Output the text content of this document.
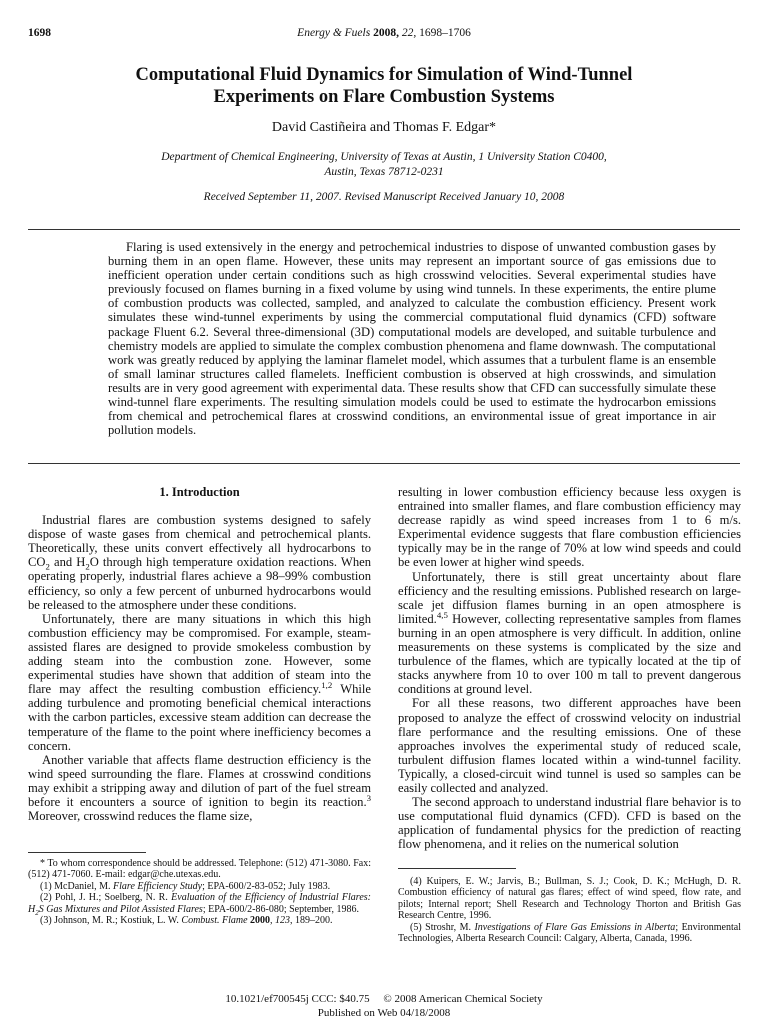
1698	Energy & Fuels 2008, 22, 1698–1706
Computational Fluid Dynamics for Simulation of Wind-Tunnel
Experiments on Flare Combustion Systems
David Castiñeira and Thomas F. Edgar*
Department of Chemical Engineering, University of Texas at Austin, 1 University Station C0400,
Austin, Texas 78712-0231
Received September 11, 2007. Revised Manuscript Received January 10, 2008

Flaring is used extensively in the energy and petrochemical industries to dispose of unwanted combustion gases by burning them in an open flame. However, these units may represent an important source of gas emissions due to inefficient operation under certain conditions such as high crosswind velocities. Several experimental studies have previously focused on flames burning in a fixed volume by using wind tunnels. In these experiments, the entire plume of combustion products was collected, sampled, and analyzed to calculate the combustion efficiency. Present work simulates these wind-tunnel experiments by using the commercial computational fluid dynamics (CFD) software package Fluent 6.2. Several three-dimensional (3D) computational models are developed, and suitable turbulence and chemistry models are applied to simulate the complex combustion phenomena and flame downwash. The computational work was greatly reduced by applying the laminar flamelet model, which assumes that a turbulent flame is an ensemble of small laminar structures called flamelets. Inefficient combustion is observed at high crosswinds, and simulation results are in very good agreement with experimental data. These results show that CFD can successfully simulate these wind-tunnel flare experiments. The resulting simulation models could be used to estimate the hydrocarbon emissions from chemical and petrochemical flares at crosswind conditions, an environmental issue of great importance in air pollution models.

1. Introduction

Industrial flares are combustion systems designed to safely dispose of waste gases from chemical and petrochemical plants. Theoretically, these units convert effectively all hydrocarbons to $CO_2$ and $H_2O$ through high temperature oxidation reactions. When operating properly, industrial flares achieve a 98–99% combustion efficiency, so only a few percent of unburned hydrocarbons would be released to the atmosphere under these conditions.

Unfortunately, there are many situations in which this high combustion efficiency may be compromised. For example, steam-assisted flares are designed to provide smokeless combustion by adding steam into the combustion zone. However, some experimental studies have shown that addition of steam into the flare may affect the resulting combustion efficiency.$^{1,2}$ While adding turbulence and promoting beneficial chemical interactions with the carbon particles, excessive steam addition can decrease the temperature of the flame to the point where inefficiency becomes a concern.

Another variable that affects flame destruction efficiency is the wind speed surrounding the flare. Flames at crosswind conditions may exhibit a stripping away and dilution of part of the fuel stream before it encounters a source of ignition to begin its reaction.$^3$ Moreover, crosswind reduces the flame size,

* To whom correspondence should be addressed. Telephone: (512) 471-3080. Fax: (512) 471-7060. E-mail: edgar@che.utexas.edu.

(1) McDaniel, M. Flare Efficiency Study; EPA-600/2-83-052; July 1983.

(2) Pohl, J. H.; Soelberg, N. R. Evaluation of the Efficiency of Industrial Flares: $H_2S$ Gas Mixtures and Pilot Assisted Flares; EPA-600/2-86-080; September, 1986.

(3) Johnson, M. R.; Kostiuk, L. W. Combust. Flame 2000, 123, 189–200.

resulting in lower combustion efficiency because less oxygen is entrained into smaller flames, and flare combustion efficiency may decrease rapidly as wind speed increases from 1 to 6 m/s. Experimental evidence suggests that flare combustion efficiencies typically may be in the range of 70% at low wind speeds and could be even lower at higher wind speeds.

Unfortunately, there is still great uncertainty about flare efficiency and the resulting emissions. Published research on large-scale jet diffusion flames burning in an open atmosphere is limited.$^{4,5}$ However, collecting representative samples from flames burning in an open atmosphere is very difficult. In addition, online measurements on these systems is complicated by the size and turbulence of the flames, which are typically located at the tip of stacks anywhere from 10 to over 100 m tall to prevent dangerous conditions at ground level.

For all these reasons, two different approaches have been proposed to analyze the effect of crosswind velocity on industrial flare performance and the resulting emissions. One of these approaches involves the experimental study of reduced scale, turbulent diffusion flames located within a wind-tunnel facility. Typically, a closed-circuit wind tunnel is used so samples can be easily collected and analyzed.

The second approach to understand industrial flare behavior is to use computational fluid dynamics (CFD). CFD is based on the application of fundamental physics for the prediction of reacting flow phenomena, and it relies on the numerical solution

(4) Kuipers, E. W.; Jarvis, B.; Bullman, S. J.; Cook, D. K.; McHugh, D. R. Combustion efficiency of natural gas flares; effect of wind speed, flow rate, and pilots; Internal report; Shell Research and Technology Thorton and British Gas Research Centre, 1996.

(5) Stroshr, M. Investigations of Flare Gas Emissions in Alberta; Environmental Technologies, Alberta Research Council: Calgary, Alberta, Canada, 1996.

10.1021/ef700545j CCC: $40.75     © 2008 American Chemical Society
Published on Web 04/18/2008
